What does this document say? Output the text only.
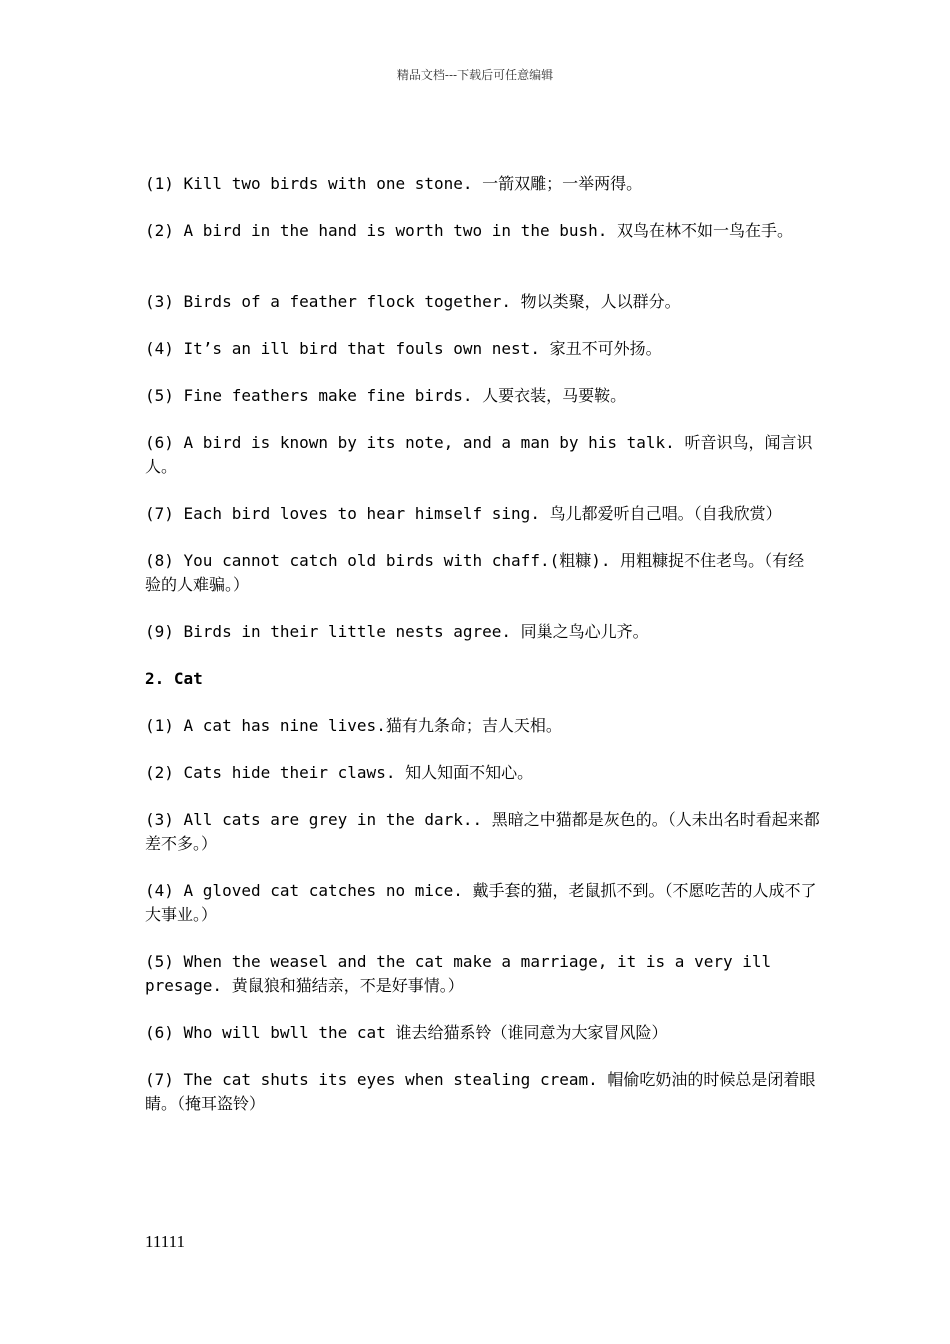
精品文档---下载后可任意编辑

(1) Kill two birds with one stone. 一箭双雕；一举两得。

(2) A bird in the hand is worth two in the bush. 双鸟在林不如一鸟在手。

(3) Birds of a feather flock together. 物以类聚，人以群分。

(4) It’s an ill bird that fouls own nest. 家丑不可外扬。

(5) Fine feathers make fine birds. 人要衣装，马要鞍。

(6) A bird is known by its note, and a man by his talk. 听音识鸟，闻言识人。

(7) Each bird loves to hear himself sing. 鸟儿都爱听自己唱。（自我欣赏）

(8) You cannot catch old birds with chaff.(粗糠). 用粗糠捉不住老鸟。（有经验的人难骗。）

(9) Birds in their little nests agree. 同巢之鸟心儿齐。

2. Cat

(1) A cat has nine lives.猫有九条命；吉人天相。

(2) Cats hide their claws. 知人知面不知心。

(3) All cats are grey in the dark.. 黑暗之中猫都是灰色的。（人未出名时看起来都差不多。）

(4) A gloved cat catches no mice. 戴手套的猫，老鼠抓不到。（不愿吃苦的人成不了大事业。）

(5) When the weasel and the cat make a marriage, it is a very ill presage. 黄鼠狼和猫结亲，不是好事情。）

(6) Who will bwll the cat 谁去给猫系铃（谁同意为大家冒风险）

(7) The cat shuts its eyes when stealing cream. 帽偷吃奶油的时候总是闭着眼睛。（掩耳盗铃）

11111
